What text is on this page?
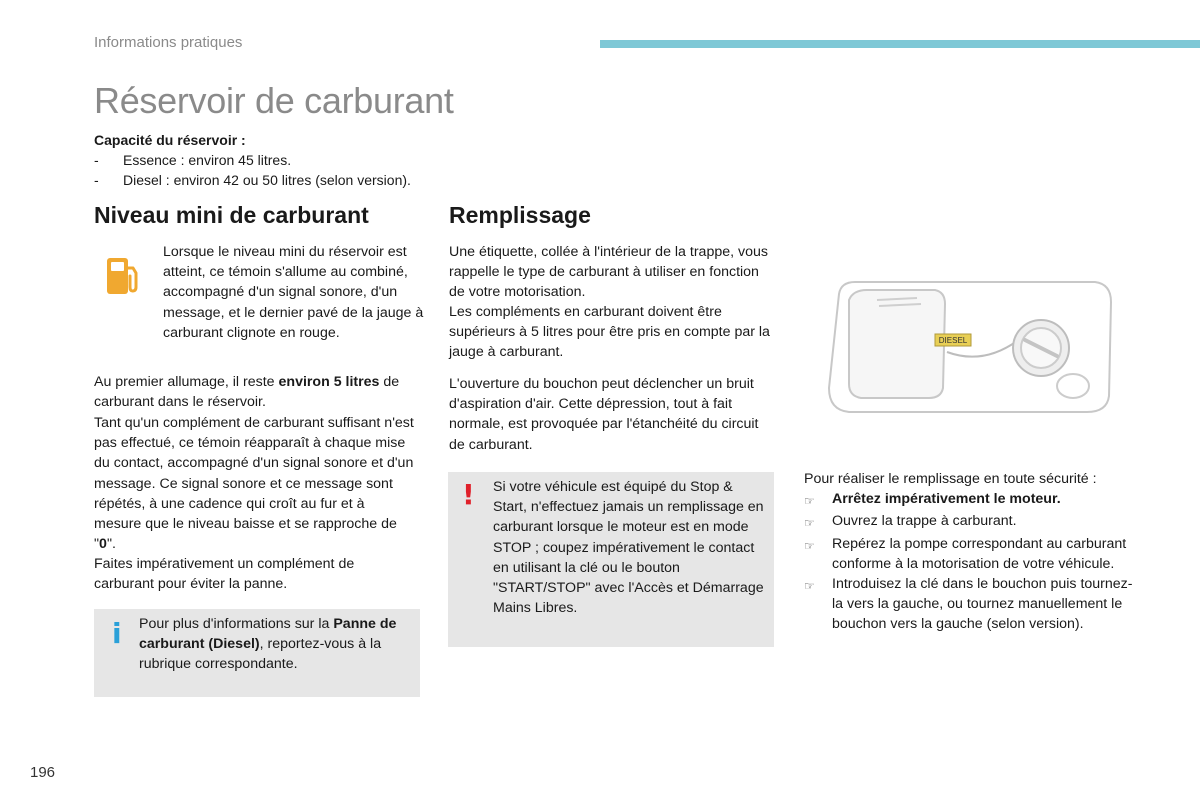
Informations pratiques
Réservoir de carburant
Capacité du réservoir :
-	Essence : environ 45 litres.
-	Diesel : environ 42 ou 50 litres (selon version).
Niveau mini de carburant

Lorsque le niveau mini du réservoir est atteint, ce témoin s'allume au combiné, accompagné d'un signal sonore, d'un message, et le dernier pavé de la jauge à carburant clignote en rouge.

Au premier allumage, il reste environ 5 litres de carburant dans le réservoir.

Tant qu'un complément de carburant suffisant n'est pas effectué, ce témoin réapparaît à chaque mise du contact, accompagné d'un signal sonore et d'un message. Ce signal sonore et ce message sont répétés, à une cadence qui croît au fur et à mesure que le niveau baisse et se rapproche de "0".

Faites impérativement un complément de carburant pour éviter la panne.

i Pour plus d'informations sur la Panne de carburant (Diesel), reportez-vous à la rubrique correspondante.

Remplissage

Une étiquette, collée à l'intérieur de la trappe, vous rappelle le type de carburant à utiliser en fonction de votre motorisation.

Les compléments en carburant doivent être supérieurs à 5 litres pour être pris en compte par la jauge à carburant.

L'ouverture du bouchon peut déclencher un bruit d'aspiration d'air. Cette dépression, tout à fait normale, est provoquée par l'étanchéité du circuit de carburant.

! Si votre véhicule est équipé du Stop & Start, n'effectuez jamais un remplissage en carburant lorsque le moteur est en mode STOP ; coupez impérativement le contact en utilisant la clé ou le bouton "START/STOP" avec l'Accès et Démarrage Mains Libres.

DIESEL
Pour réaliser le remplissage en toute sécurité :
☞	Arrêtez impérativement le moteur.
☞	Ouvrez la trappe à carburant.
☞	Repérez la pompe correspondant au carburant conforme à la motorisation de votre véhicule.
☞	Introduisez la clé dans le bouchon puis tournez-la vers la gauche, ou tournez manuellement le bouchon vers la gauche (selon version).
196
